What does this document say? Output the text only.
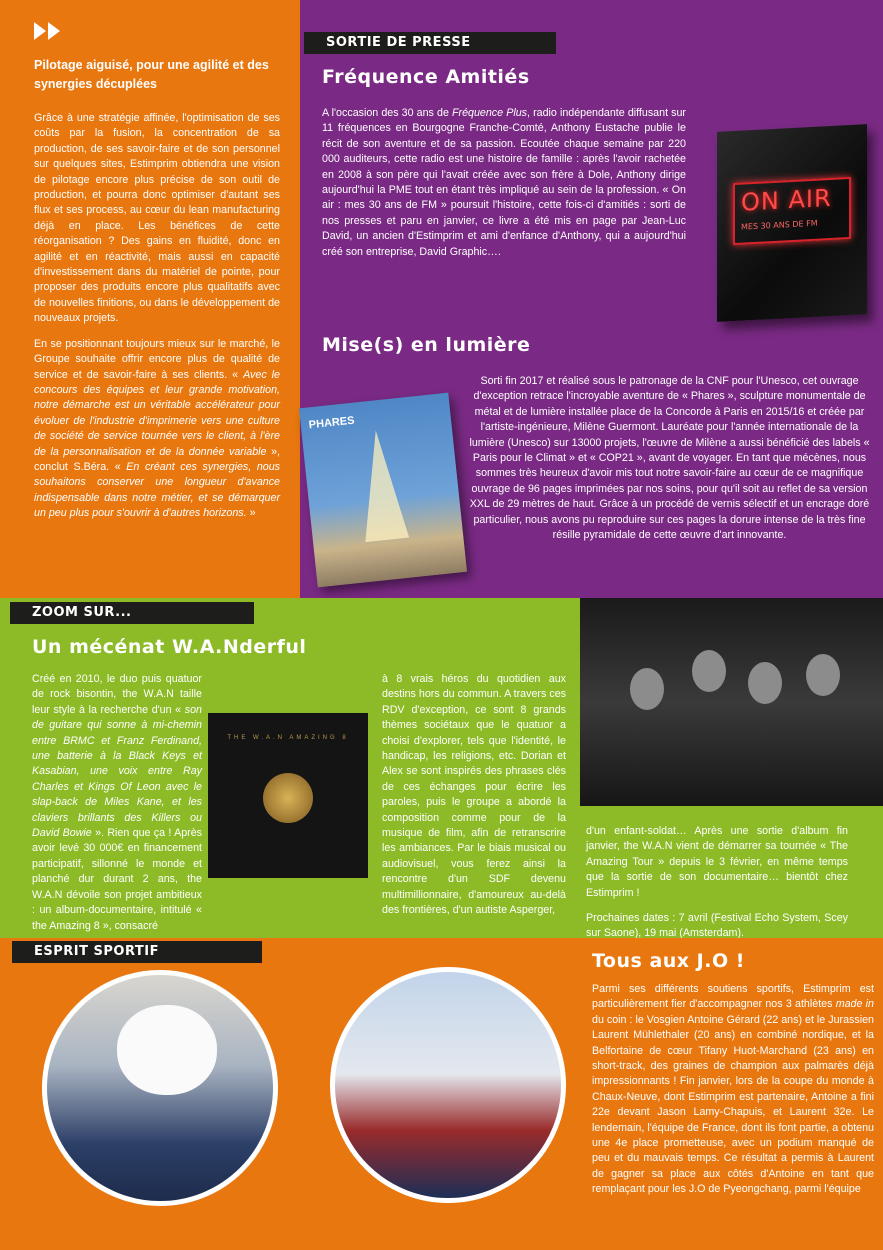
Pilotage aiguisé, pour une agilité et des synergies décuplées

Grâce à une stratégie affinée, l'optimisation de ses coûts par la fusion, la concentration de sa production, de ses savoir-faire et de son personnel sur quelques sites, Estimprim obtiendra une vision de pilotage encore plus précise de son outil de production, et pourra donc optimiser d'autant ses flux et ses process, au cœur du lean manufacturing déjà en place. Les bénéfices de cette réorganisation ? Des gains en fluidité, donc en agilité et en réactivité, mais aussi en capacité d'investissement dans du matériel de pointe, pour proposer des produits encore plus qualitatifs avec de nouvelles finitions, ou dans le développement de nouveaux projets.

En se positionnant toujours mieux sur le marché, le Groupe souhaite offrir encore plus de qualité de service et de savoir-faire à ses clients. « Avec le concours des équipes et leur grande motivation, notre démarche est un véritable accélérateur pour évoluer de l'industrie d'imprimerie vers une culture de société de service tournée vers le client, à l'ère de la personnalisation et de la donnée variable », conclut S.Béra. « En créant ces synergies, nous souhaitons conserver une longueur d'avance indispensable dans notre métier, et se démarquer un peu plus pour s'ouvrir à d'autres horizons. »

SORTIE DE PRESSE
Fréquence Amitiés
A l'occasion des 30 ans de Fréquence Plus, radio indépendante diffusant sur 11 fréquences en Bourgogne Franche-Comté, Anthony Eustache publie le récit de son aventure et de sa passion. Ecoutée chaque semaine par 220 000 auditeurs, cette radio est une histoire de famille : après l'avoir rachetée en 2008 à son père qui l'avait créée avec son frère à Dole, Anthony dirige aujourd'hui la PME tout en étant très impliqué au sein de la profession. « On air : mes 30 ans de FM » poursuit l'histoire, cette fois-ci d'amitiés : sorti de nos presses et paru en janvier, ce livre a été mis en page par Jean-Luc David, un ancien d'Estimprim et ami d'enfance d'Anthony, qui a aujourd'hui créé son entreprise, David Graphic….
Mise(s) en lumière
Sorti fin 2017 et réalisé sous le patronage de la CNF pour l'Unesco, cet ouvrage d'exception retrace l'incroyable aventure de « Phares », sculpture monumentale de métal et de lumière installée place de la Concorde à Paris en 2015/16 et créée par l'artiste-ingénieure, Milène Guermont. Lauréate pour l'année internationale de la lumière (Unesco) sur 13000 projets, l'œuvre de Milène a aussi bénéficié des labels « Paris pour le Climat » et « COP21 », avant de voyager. En tant que mécènes, nous sommes très heureux d'avoir mis tout notre savoir-faire au cœur de ce magnifique ouvrage de 96 pages imprimées par nos soins, pour qu'il soit au reflet de sa version XXL de 29 mètres de haut. Grâce à un procédé de vernis sélectif et un encrage doré particulier, nous avons pu reproduire sur ces pages la dorure intense de la très fine résille pyramidale de cette œuvre d'art innovante.
ON AIR
MES 30 ANS DE FM
PHARES
ZOOM SUR...
Un mécénat W.A.Nderful
Créé en 2010, le duo puis quatuor de rock bisontin, the W.A.N taille leur style à la recherche d'un « son de guitare qui sonne à mi-chemin entre BRMC et Franz Ferdinand, une batterie à la Black Keys et Kasabian, une voix entre Ray Charles et Kings Of Leon avec le slap-back de Miles Kane, et les claviers brillants des Killers ou David Bowie ». Rien que ça ! Après avoir levé 30 000€ en financement participatif, sillonné le monde et planché dur durant 2 ans, the W.A.N dévoile son projet ambitieux : un album-documentaire, intitulé « the Amazing 8 », consacré
à 8 vrais héros du quotidien aux destins hors du commun. A travers ces RDV d'exception, ce sont 8 grands thèmes sociétaux que le quatuor a choisi d'explorer, tels que l'identité, le handicap, les religions, etc. Dorian et Alex se sont inspirés des phrases clés de ces échanges pour écrire les paroles, puis le groupe a abordé la composition comme pour de la musique de film, afin de retranscrire les ambiances. Par le biais musical ou audiovisuel, vous ferez ainsi la rencontre d'un SDF devenu multimillionnaire, d'amoureux au-delà des frontières, d'un autiste Asperger,

d'un enfant-soldat… Après une sortie d'album fin janvier, the W.A.N vient de démarrer sa tournée « The Amazing Tour » depuis le 3 février, en même temps que la sortie de son documentaire… bientôt chez Estimprim !

Prochaines dates : 7 avril (Festival Echo System, Scey sur Saone), 19 mai (Amsterdam).

THE W.A.N AMAZING 8
ESPRIT SPORTIF	Tous aux J.O !
Parmi ses différents soutiens sportifs, Estimprim est particulièrement fier d'accompagner nos 3 athlètes made in du coin : le Vosgien Antoine Gérard (22 ans) et le Jurassien Laurent Mühlethaler (20 ans) en combiné nordique, et la Belfortaine de cœur Tifany Huot-Marchand (23 ans) en short-track, des graines de champion aux palmarès déjà impressionnants ! Fin janvier, lors de la coupe du monde à Chaux-Neuve, dont Estimprim est partenaire, Antoine a fini 22e devant Jason Lamy-Chapuis, et Laurent 32e. Le lendemain, l'équipe de France, dont ils font partie, a obtenu une 4e place prometteuse, avec un podium manqué de peu et du mauvais temps. Ce résultat a permis à Laurent de gagner sa place aux côtés d'Antoine en tant que remplaçant pour les J.O de Pyeongchang, parmi l'équipe
